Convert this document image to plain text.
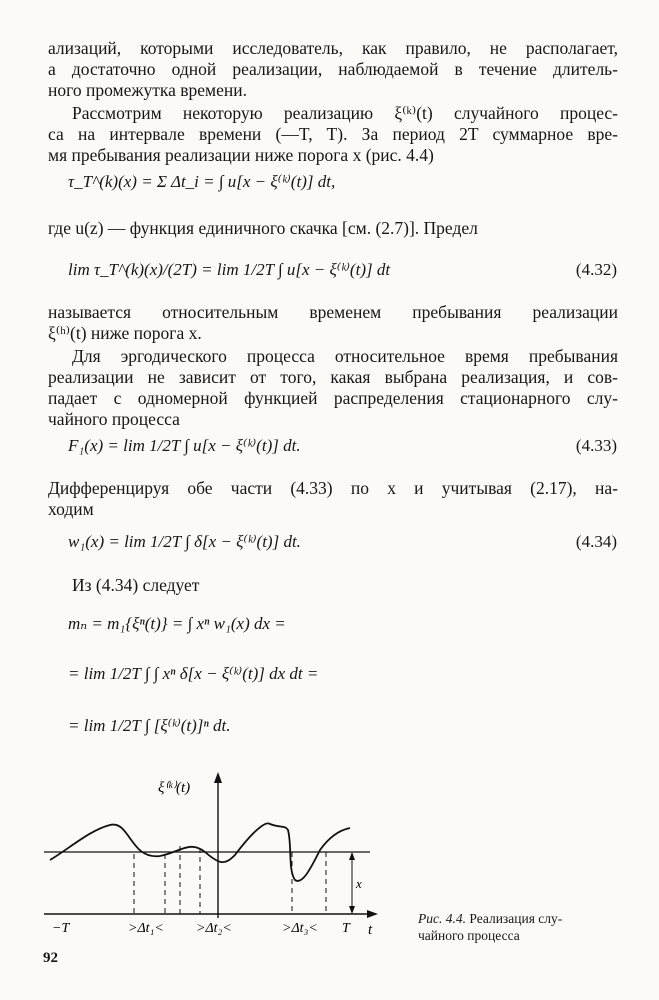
ализаций, которыми исследователь, как правило, не располагает,
а достаточно одной реализации, наблюдаемой в течение длитель-
ного промежутка времени.
Рассмотрим некоторую реализацию ξ⁽ᵏ⁾(t) случайного процес-
са на интервале времени (—T, T). За период 2T суммарное вре-
мя пребывания реализации ниже порога x (рис. 4.4)
τ_T^(k)(x) = Σ Δt_i = ∫ u[x − ξ⁽ᵏ⁾(t)] dt,
где u(z) — функция единичного скачка [см. (2.7)]. Предел
lim τ_T^(k)(x)/(2T) = lim 1/2T ∫ u[x − ξ⁽ᵏ⁾(t)] dt	(4.32)
называется относительным временем пребывания реализации
ξ⁽ʰ⁾(t) ниже порога x.
Для эргодического процесса относительное время пребывания
реализации не зависит от того, какая выбрана реализация, и сов-
падает с одномерной функцией распределения стационарного слу-
чайного процесса
F₁(x) = lim 1/2T ∫ u[x − ξ⁽ᵏ⁾(t)] dt.	(4.33)
Дифференцируя обе части (4.33) по x и учитывая (2.17), на-
ходим
w₁(x) = lim 1/2T ∫ δ[x − ξ⁽ᵏ⁾(t)] dt.	(4.34)
Из (4.34) следует
mₙ = m₁{ξⁿ(t)} = ∫ xⁿ w₁(x) dx =
= lim 1/2T ∫ ∫ xⁿ δ[x − ξ⁽ᵏ⁾(t)] dx dt =
= lim 1/2T ∫ [ξ⁽ᵏ⁾(t)]ⁿ dt.
x
ξ⁽ᵏ⁾(t)
−T	>Δt₁< >Δt₂<	>Δt₃< T t
Рис. 4.4. Реализация слу-
чайного процесса
92
